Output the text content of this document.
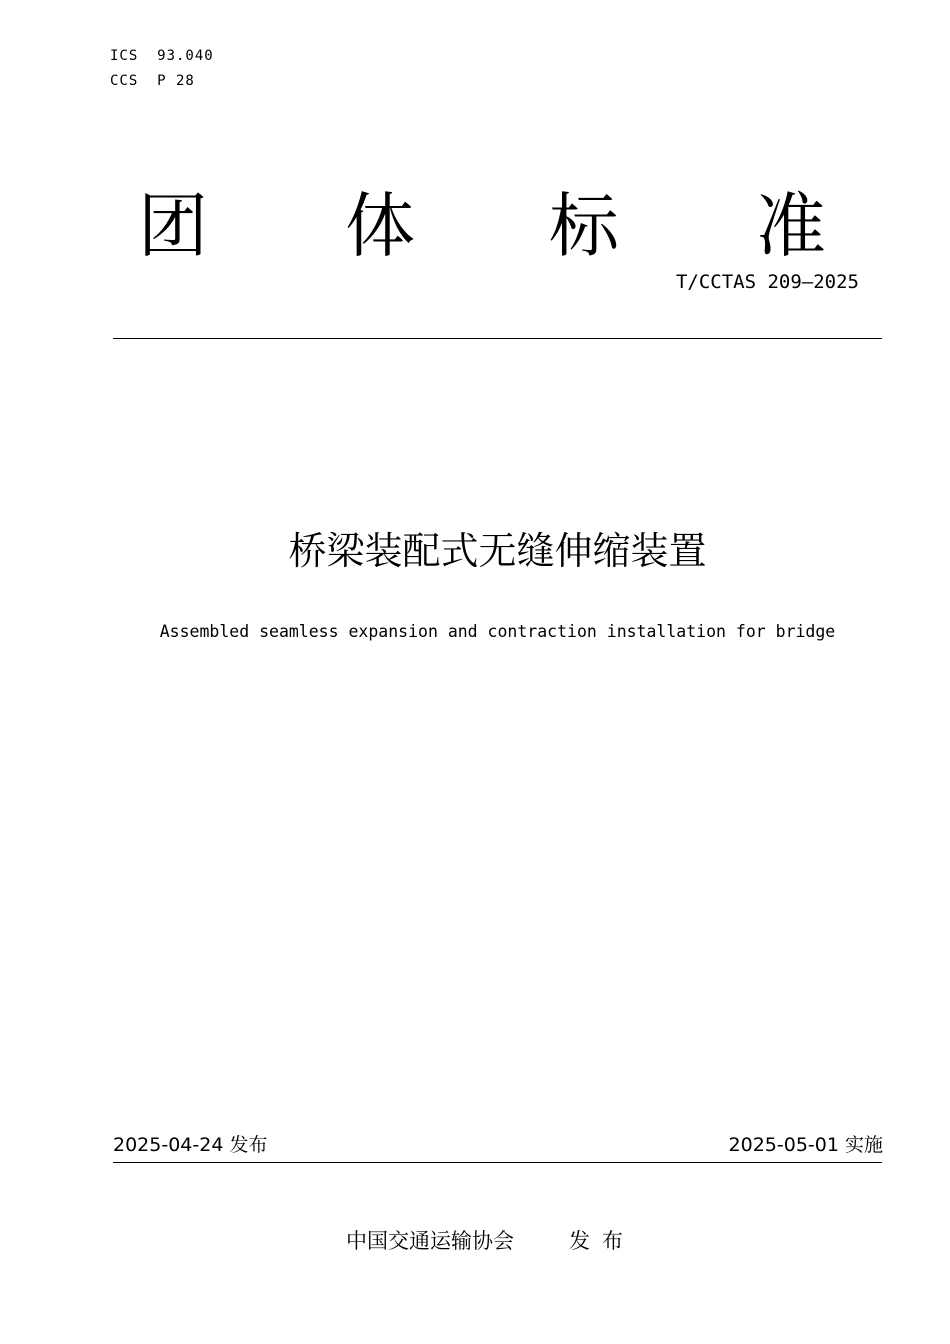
ICS  93.040
CCS  P 28
团 体 标 准
T/CCTAS 209—2025
桥梁装配式无缝伸缩装置
Assembled seamless expansion and contraction installation for bridge
2025-04-24 发布	2025-05-01 实施
中国交通运输协会	发布
